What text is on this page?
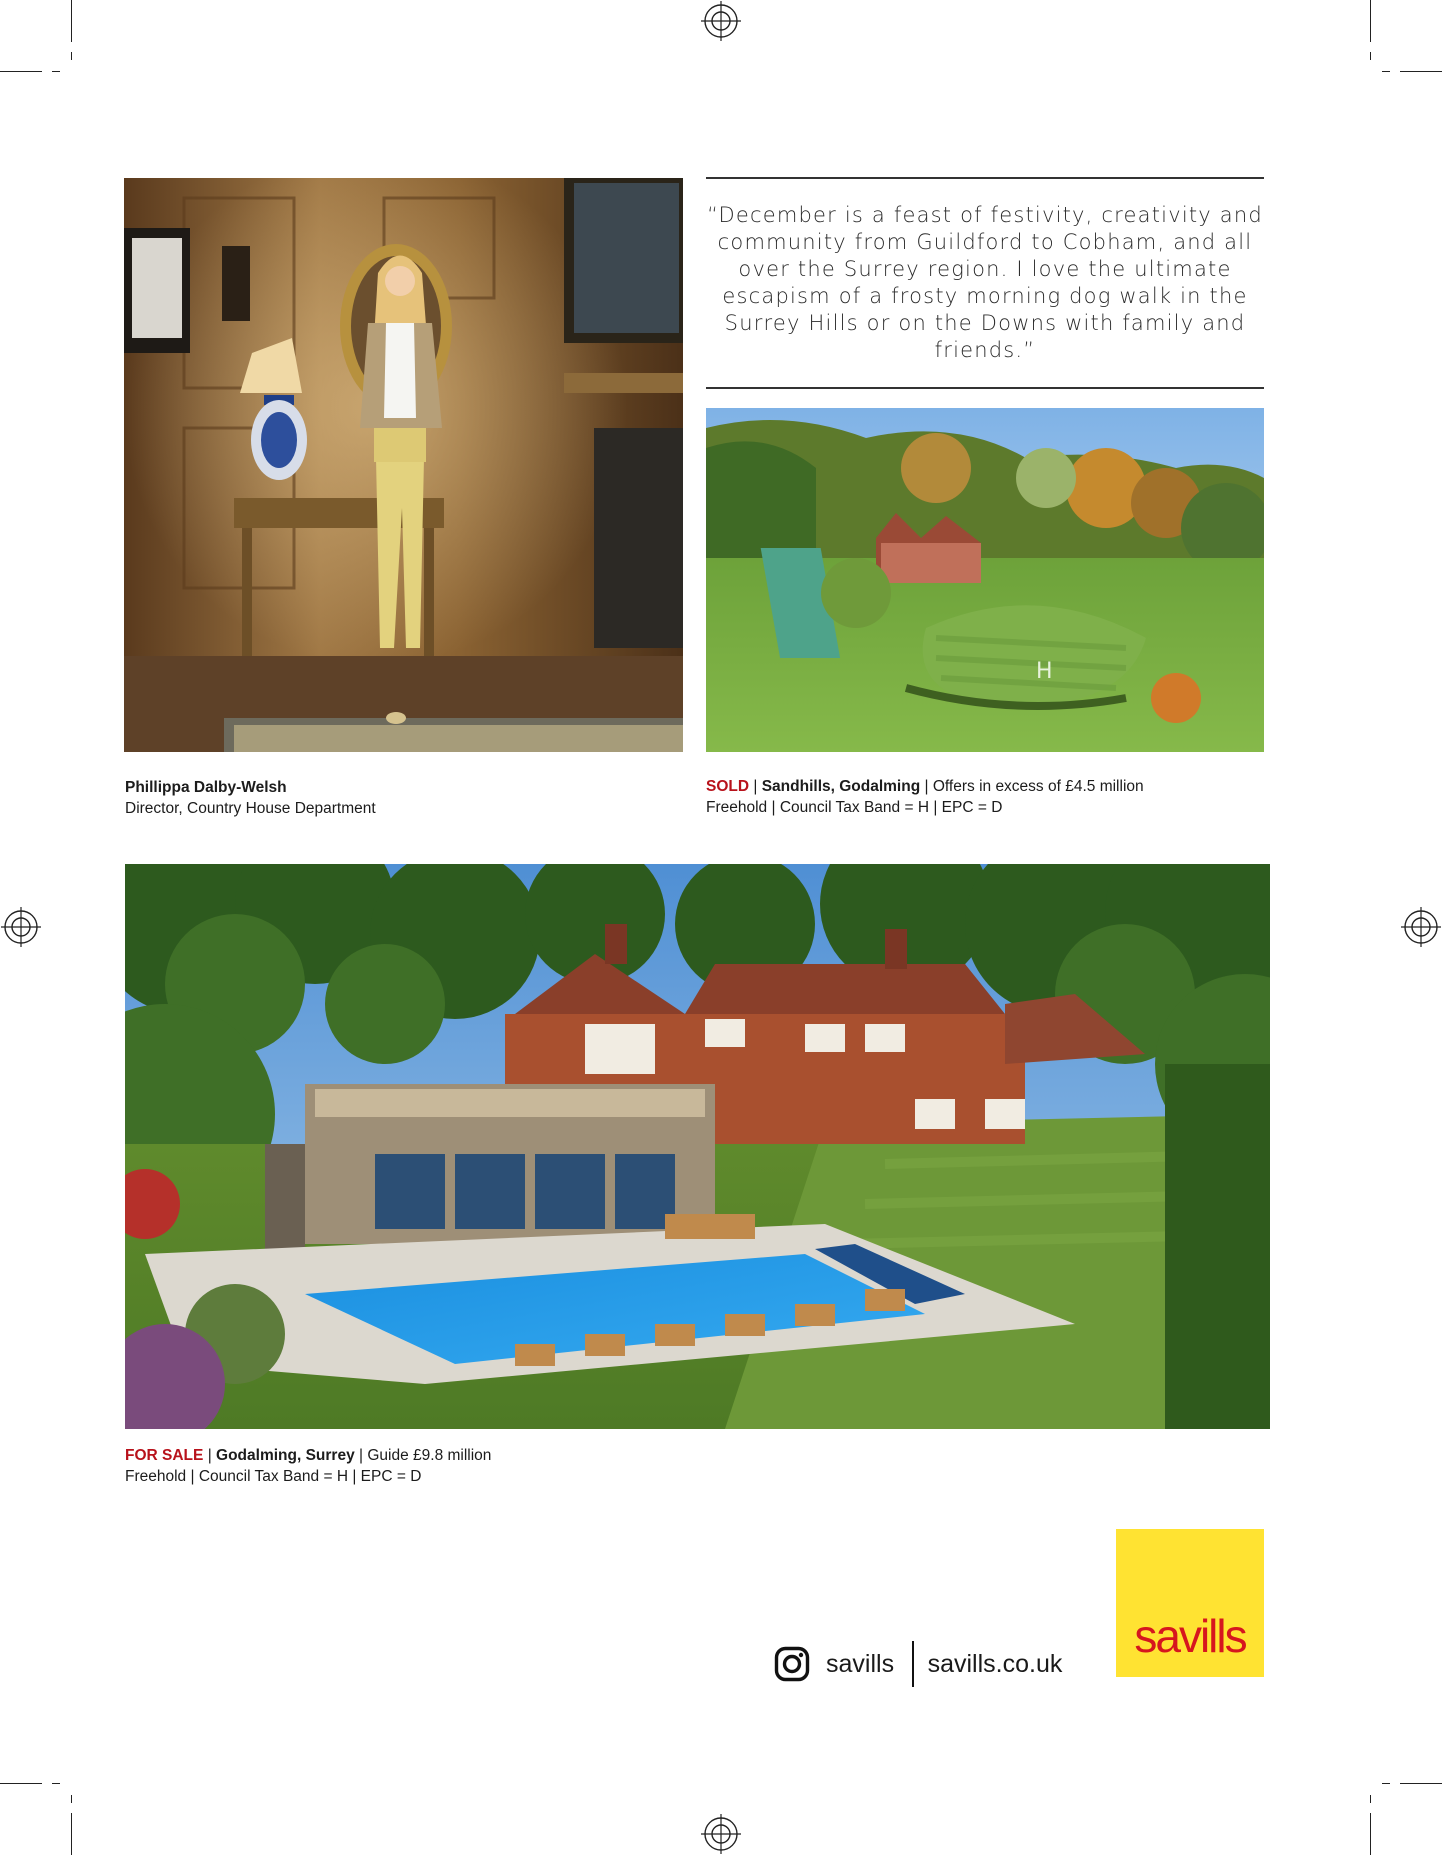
“December is a feast of festivity, creativity and community from Guildford to Cobham, and all over the Surrey region. I love the ultimate escapism of a frosty morning dog walk in the Surrey Hills or on the Downs with family and friends.”
H
Phillippa Dalby-Welsh
Director, Country House Department
SOLD | Sandhills, Godalming | Offers in excess of £4.5 million
Freehold | Council Tax Band = H | EPC = D
FOR SALE | Godalming, Surrey | Guide £9.8 million
Freehold | Council Tax Band = H | EPC = D
savills savills.co.uk
savills
